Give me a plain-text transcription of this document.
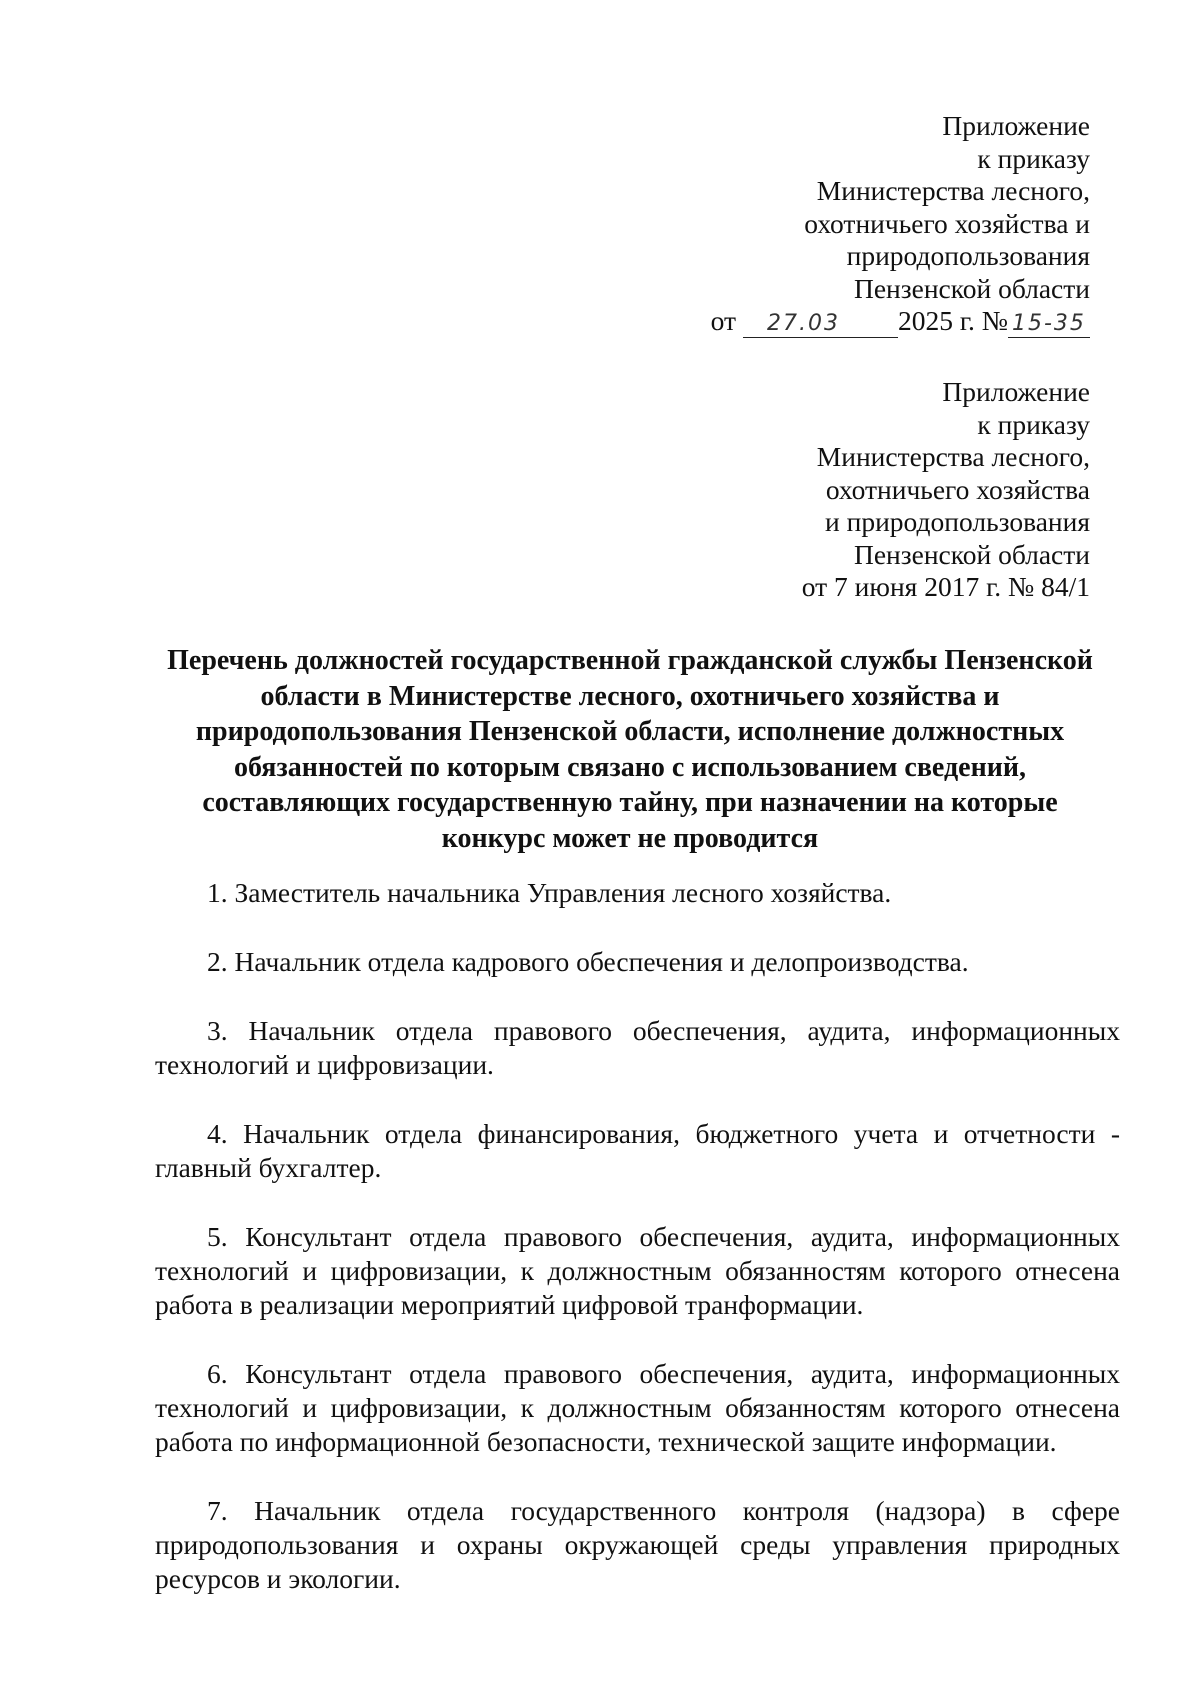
Приложение
к приказу
Министерства лесного,
охотничьего хозяйства и
природопользования
Пензенской области
от 27.03 2025 г. № 15-35
Приложение
к приказу
Министерства лесного,
охотничьего хозяйства
и природопользования
Пензенской области
от 7 июня 2017 г. № 84/1
Перечень должностей государственной гражданской службы Пензенской
области в Министерстве лесного, охотничьего хозяйства и
природопользования Пензенской области, исполнение должностных
обязанностей по которым связано с использованием сведений,
составляющих государственную тайну, при назначении на которые
конкурс может не проводится

1. Заместитель начальника Управления лесного хозяйства.

2. Начальник отдела кадрового обеспечения и делопроизводства.

3. Начальник отдела правового обеспечения, аудита, информационных технологий и цифровизации.

4. Начальник отдела финансирования, бюджетного учета и отчетности - главный бухгалтер.

5. Консультант отдела правового обеспечения, аудита, информационных технологий и цифровизации, к должностным обязанностям которого отнесена работа в реализации мероприятий цифровой транформации.

6. Консультант отдела правового обеспечения, аудита, информационных технологий и цифровизации, к должностным обязанностям которого отнесена работа по информационной безопасности, технической защите информации.

7. Начальник отдела государственного контроля (надзора) в сфере природопользования и охраны окружающей среды управления природных ресурсов и экологии.
